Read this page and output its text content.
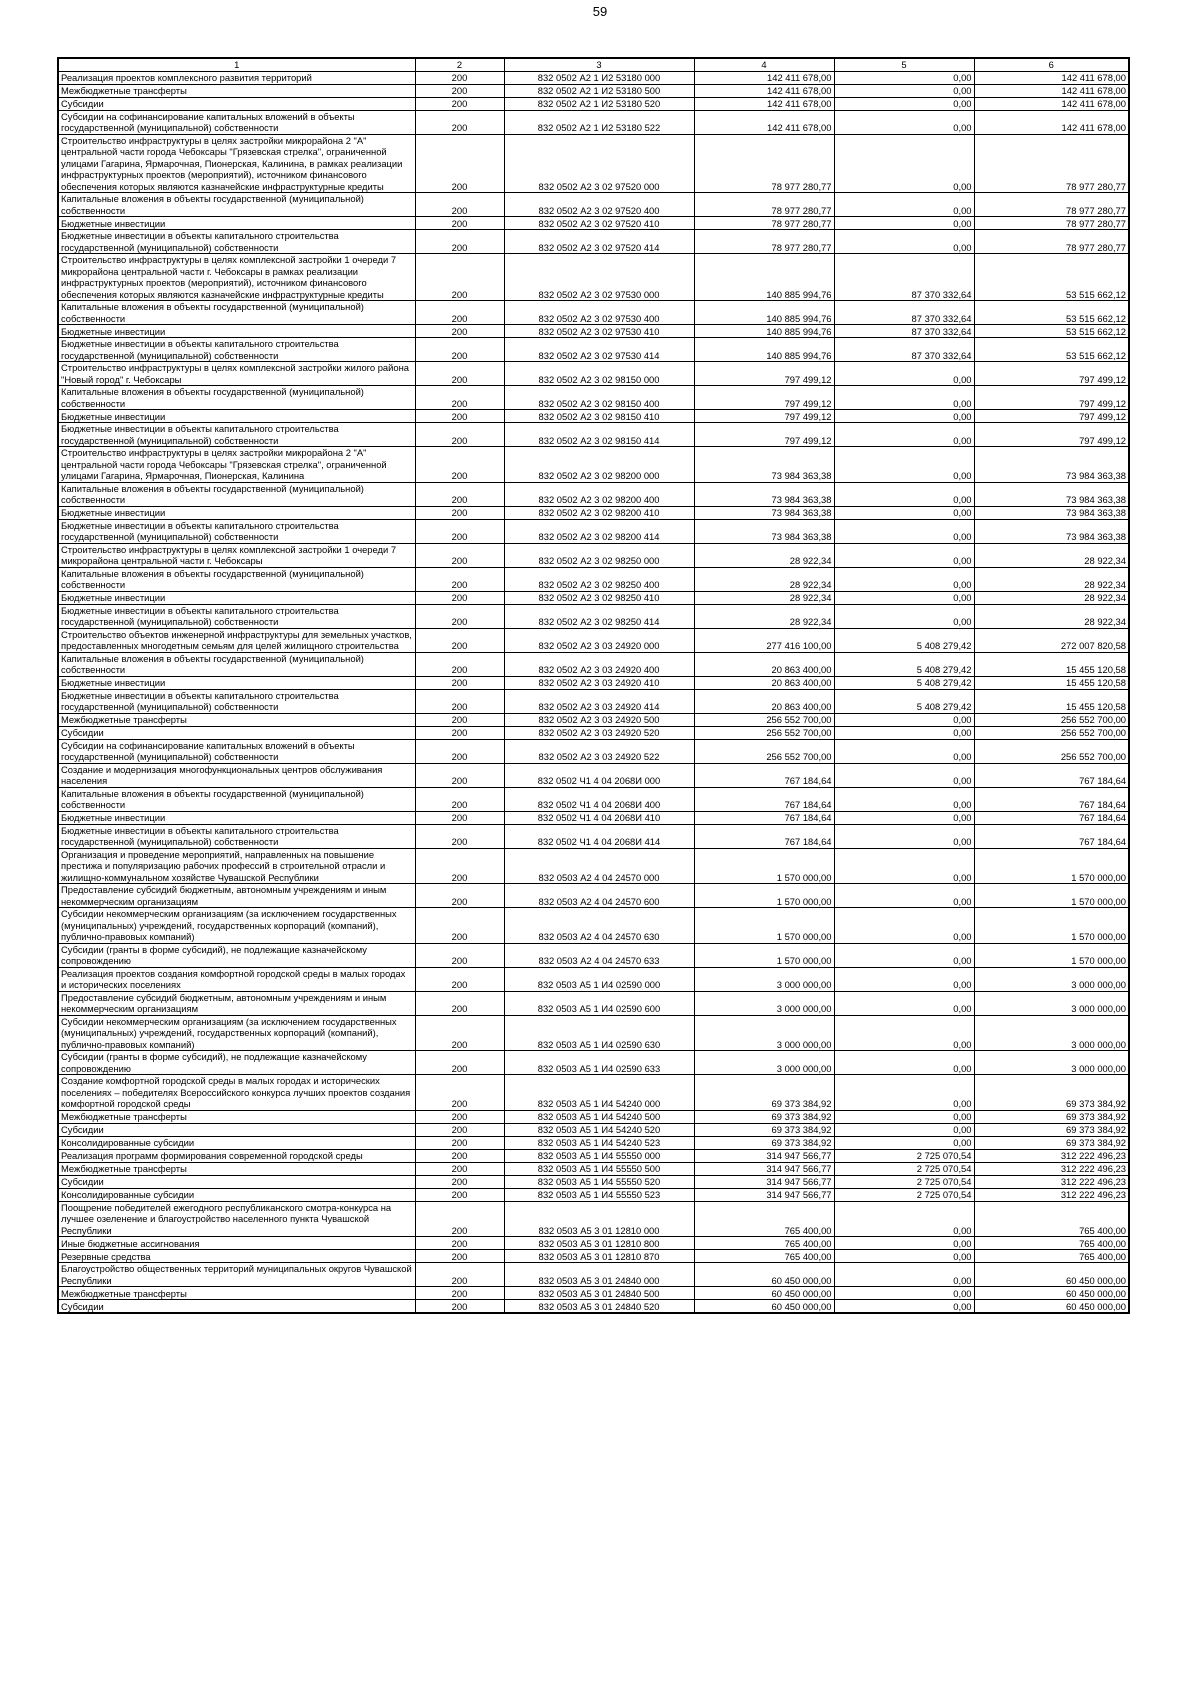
59
1	2	3	4	5	6
Реализация проектов комплексного развития территорий	200	832 0502 А2 1 И2 53180 000	142 411 678,00	0,00	142 411 678,00
Межбюджетные трансферты	200	832 0502 А2 1 И2 53180 500	142 411 678,00	0,00	142 411 678,00
Субсидии	200	832 0502 А2 1 И2 53180 520	142 411 678,00	0,00	142 411 678,00
Субсидии на софинансирование капитальных вложений в объекты государственной (муниципальной) собственности	200	832 0502 А2 1 И2 53180 522	142 411 678,00	0,00	142 411 678,00
Строительство инфраструктуры в целях застройки микрорайона 2 "А" центральной части города Чебоксары "Грязевская стрелка", ограниченной улицами Гагарина, Ярмарочная, Пионерская, Калинина, в рамках реализации инфраструктурных проектов (мероприятий), источником финансового обеспечения которых являются казначейские инфраструктурные кредиты	200	832 0502 А2 3 02 97520 000	78 977 280,77	0,00	78 977 280,77
Капитальные вложения в объекты государственной (муниципальной) собственности	200	832 0502 А2 3 02 97520 400	78 977 280,77	0,00	78 977 280,77
Бюджетные инвестиции	200	832 0502 А2 3 02 97520 410	78 977 280,77	0,00	78 977 280,77
Бюджетные инвестиции в объекты капитального строительства государственной (муниципальной) собственности	200	832 0502 А2 3 02 97520 414	78 977 280,77	0,00	78 977 280,77
Строительство инфраструктуры в целях комплексной застройки 1 очереди 7 микрорайона центральной части г. Чебоксары в рамках реализации инфраструктурных проектов (мероприятий), источником финансового обеспечения которых являются казначейские инфраструктурные кредиты	200	832 0502 А2 3 02 97530 000	140 885 994,76	87 370 332,64	53 515 662,12
Капитальные вложения в объекты государственной (муниципальной) собственности	200	832 0502 А2 3 02 97530 400	140 885 994,76	87 370 332,64	53 515 662,12
Бюджетные инвестиции	200	832 0502 А2 3 02 97530 410	140 885 994,76	87 370 332,64	53 515 662,12
Бюджетные инвестиции в объекты капитального строительства государственной (муниципальной) собственности	200	832 0502 А2 3 02 97530 414	140 885 994,76	87 370 332,64	53 515 662,12
Строительство инфраструктуры в целях комплексной застройки жилого района "Новый город" г. Чебоксары	200	832 0502 А2 3 02 98150 000	797 499,12	0,00	797 499,12
Капитальные вложения в объекты государственной (муниципальной) собственности	200	832 0502 А2 3 02 98150 400	797 499,12	0,00	797 499,12
Бюджетные инвестиции	200	832 0502 А2 3 02 98150 410	797 499,12	0,00	797 499,12
Бюджетные инвестиции в объекты капитального строительства государственной (муниципальной) собственности	200	832 0502 А2 3 02 98150 414	797 499,12	0,00	797 499,12
Строительство инфраструктуры в целях застройки микрорайона 2 "А" центральной части города Чебоксары "Грязевская стрелка", ограниченной улицами Гагарина, Ярмарочная, Пионерская, Калинина	200	832 0502 А2 3 02 98200 000	73 984 363,38	0,00	73 984 363,38
Капитальные вложения в объекты государственной (муниципальной) собственности	200	832 0502 А2 3 02 98200 400	73 984 363,38	0,00	73 984 363,38
Бюджетные инвестиции	200	832 0502 А2 3 02 98200 410	73 984 363,38	0,00	73 984 363,38
Бюджетные инвестиции в объекты капитального строительства государственной (муниципальной) собственности	200	832 0502 А2 3 02 98200 414	73 984 363,38	0,00	73 984 363,38
Строительство инфраструктуры в целях комплексной застройки 1 очереди 7 микрорайона центральной части г. Чебоксары	200	832 0502 А2 3 02 98250 000	28 922,34	0,00	28 922,34
Капитальные вложения в объекты государственной (муниципальной) собственности	200	832 0502 А2 3 02 98250 400	28 922,34	0,00	28 922,34
Бюджетные инвестиции	200	832 0502 А2 3 02 98250 410	28 922,34	0,00	28 922,34
Бюджетные инвестиции в объекты капитального строительства государственной (муниципальной) собственности	200	832 0502 А2 3 02 98250 414	28 922,34	0,00	28 922,34
Строительство объектов инженерной инфраструктуры для земельных участков, предоставленных многодетным семьям для целей жилищного строительства	200	832 0502 А2 3 03 24920 000	277 416 100,00	5 408 279,42	272 007 820,58
Капитальные вложения в объекты государственной (муниципальной) собственности	200	832 0502 А2 3 03 24920 400	20 863 400,00	5 408 279,42	15 455 120,58
Бюджетные инвестиции	200	832 0502 А2 3 03 24920 410	20 863 400,00	5 408 279,42	15 455 120,58
Бюджетные инвестиции в объекты капитального строительства государственной (муниципальной) собственности	200	832 0502 А2 3 03 24920 414	20 863 400,00	5 408 279,42	15 455 120,58
Межбюджетные трансферты	200	832 0502 А2 3 03 24920 500	256 552 700,00	0,00	256 552 700,00
Субсидии	200	832 0502 А2 3 03 24920 520	256 552 700,00	0,00	256 552 700,00
Субсидии на софинансирование капитальных вложений в объекты государственной (муниципальной) собственности	200	832 0502 А2 3 03 24920 522	256 552 700,00	0,00	256 552 700,00
Создание и модернизация многофункциональных центров обслуживания населения	200	832 0502 Ч1 4 04 2068И 000	767 184,64	0,00	767 184,64
Капитальные вложения в объекты государственной (муниципальной) собственности	200	832 0502 Ч1 4 04 2068И 400	767 184,64	0,00	767 184,64
Бюджетные инвестиции	200	832 0502 Ч1 4 04 2068И 410	767 184,64	0,00	767 184,64
Бюджетные инвестиции в объекты капитального строительства государственной (муниципальной) собственности	200	832 0502 Ч1 4 04 2068И 414	767 184,64	0,00	767 184,64
Организация и проведение мероприятий, направленных на повышение престижа и популяризацию рабочих профессий в строительной отрасли и жилищно-коммунальном хозяйстве Чувашской Республики	200	832 0503 А2 4 04 24570 000	1 570 000,00	0,00	1 570 000,00
Предоставление субсидий бюджетным, автономным учреждениям и иным некоммерческим организациям	200	832 0503 А2 4 04 24570 600	1 570 000,00	0,00	1 570 000,00
Субсидии некоммерческим организациям (за исключением государственных (муниципальных) учреждений, государственных корпораций (компаний), публично-правовых компаний)	200	832 0503 А2 4 04 24570 630	1 570 000,00	0,00	1 570 000,00
Субсидии (гранты в форме субсидий), не подлежащие казначейскому сопровождению	200	832 0503 А2 4 04 24570 633	1 570 000,00	0,00	1 570 000,00
Реализация проектов создания комфортной городской среды в малых городах и исторических поселениях	200	832 0503 А5 1 И4 02590 000	3 000 000,00	0,00	3 000 000,00
Предоставление субсидий бюджетным, автономным учреждениям и иным некоммерческим организациям	200	832 0503 А5 1 И4 02590 600	3 000 000,00	0,00	3 000 000,00
Субсидии некоммерческим организациям (за исключением государственных (муниципальных) учреждений, государственных корпораций (компаний), публично-правовых компаний)	200	832 0503 А5 1 И4 02590 630	3 000 000,00	0,00	3 000 000,00
Субсидии (гранты в форме субсидий), не подлежащие казначейскому сопровождению	200	832 0503 А5 1 И4 02590 633	3 000 000,00	0,00	3 000 000,00
Создание комфортной городской среды в малых городах и исторических поселениях – победителях Всероссийского конкурса лучших проектов создания комфортной городской среды	200	832 0503 А5 1 И4 54240 000	69 373 384,92	0,00	69 373 384,92
Межбюджетные трансферты	200	832 0503 А5 1 И4 54240 500	69 373 384,92	0,00	69 373 384,92
Субсидии	200	832 0503 А5 1 И4 54240 520	69 373 384,92	0,00	69 373 384,92
Консолидированные субсидии	200	832 0503 А5 1 И4 54240 523	69 373 384,92	0,00	69 373 384,92
Реализация программ формирования современной городской среды	200	832 0503 А5 1 И4 55550 000	314 947 566,77	2 725 070,54	312 222 496,23
Межбюджетные трансферты	200	832 0503 А5 1 И4 55550 500	314 947 566,77	2 725 070,54	312 222 496,23
Субсидии	200	832 0503 А5 1 И4 55550 520	314 947 566,77	2 725 070,54	312 222 496,23
Консолидированные субсидии	200	832 0503 А5 1 И4 55550 523	314 947 566,77	2 725 070,54	312 222 496,23
Поощрение победителей ежегодного республиканского смотра-конкурса на лучшее озеленение и благоустройство населенного пункта Чувашской Республики	200	832 0503 А5 3 01 12810 000	765 400,00	0,00	765 400,00
Иные бюджетные ассигнования	200	832 0503 А5 3 01 12810 800	765 400,00	0,00	765 400,00
Резервные средства	200	832 0503 А5 3 01 12810 870	765 400,00	0,00	765 400,00
Благоустройство общественных территорий муниципальных округов Чувашской Республики	200	832 0503 А5 3 01 24840 000	60 450 000,00	0,00	60 450 000,00
Межбюджетные трансферты	200	832 0503 А5 3 01 24840 500	60 450 000,00	0,00	60 450 000,00
Субсидии	200	832 0503 А5 3 01 24840 520	60 450 000,00	0,00	60 450 000,00
